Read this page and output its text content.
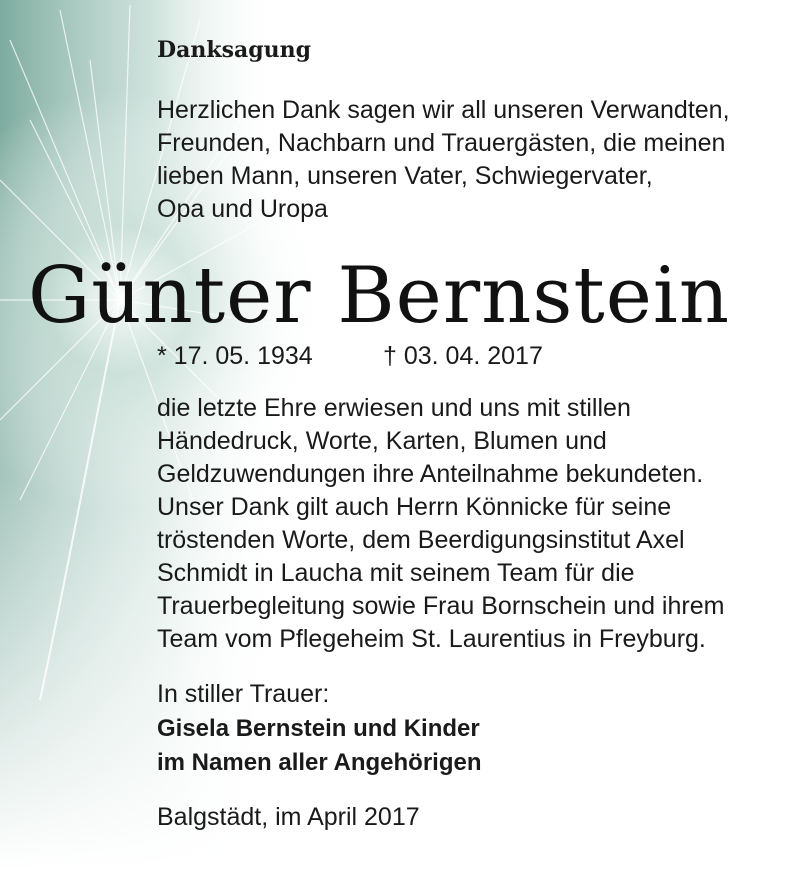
Danksagung

Herzlichen Dank sagen wir all unseren Verwandten,
Freunden, Nachbarn und Trauergästen, die meinen
lieben Mann, unseren Vater, Schwiegervater,
Opa und Uropa

Günter Bernstein
* 17. 05. 1934	† 03. 04. 2017

die letzte Ehre erwiesen und uns mit stillen
Händedruck, Worte, Karten, Blumen und
Geldzuwendungen ihre Anteilnahme bekundeten.
Unser Dank gilt auch Herrn Könnicke für seine
tröstenden Worte, dem Beerdigungsinstitut Axel
Schmidt in Laucha mit seinem Team für die
Trauerbegleitung sowie Frau Bornschein und ihrem
Team vom Pflegeheim St. Laurentius in Freyburg.

In stiller Trauer:

Gisela Bernstein und Kinder
im Namen aller Angehörigen

Balgstädt, im April 2017
